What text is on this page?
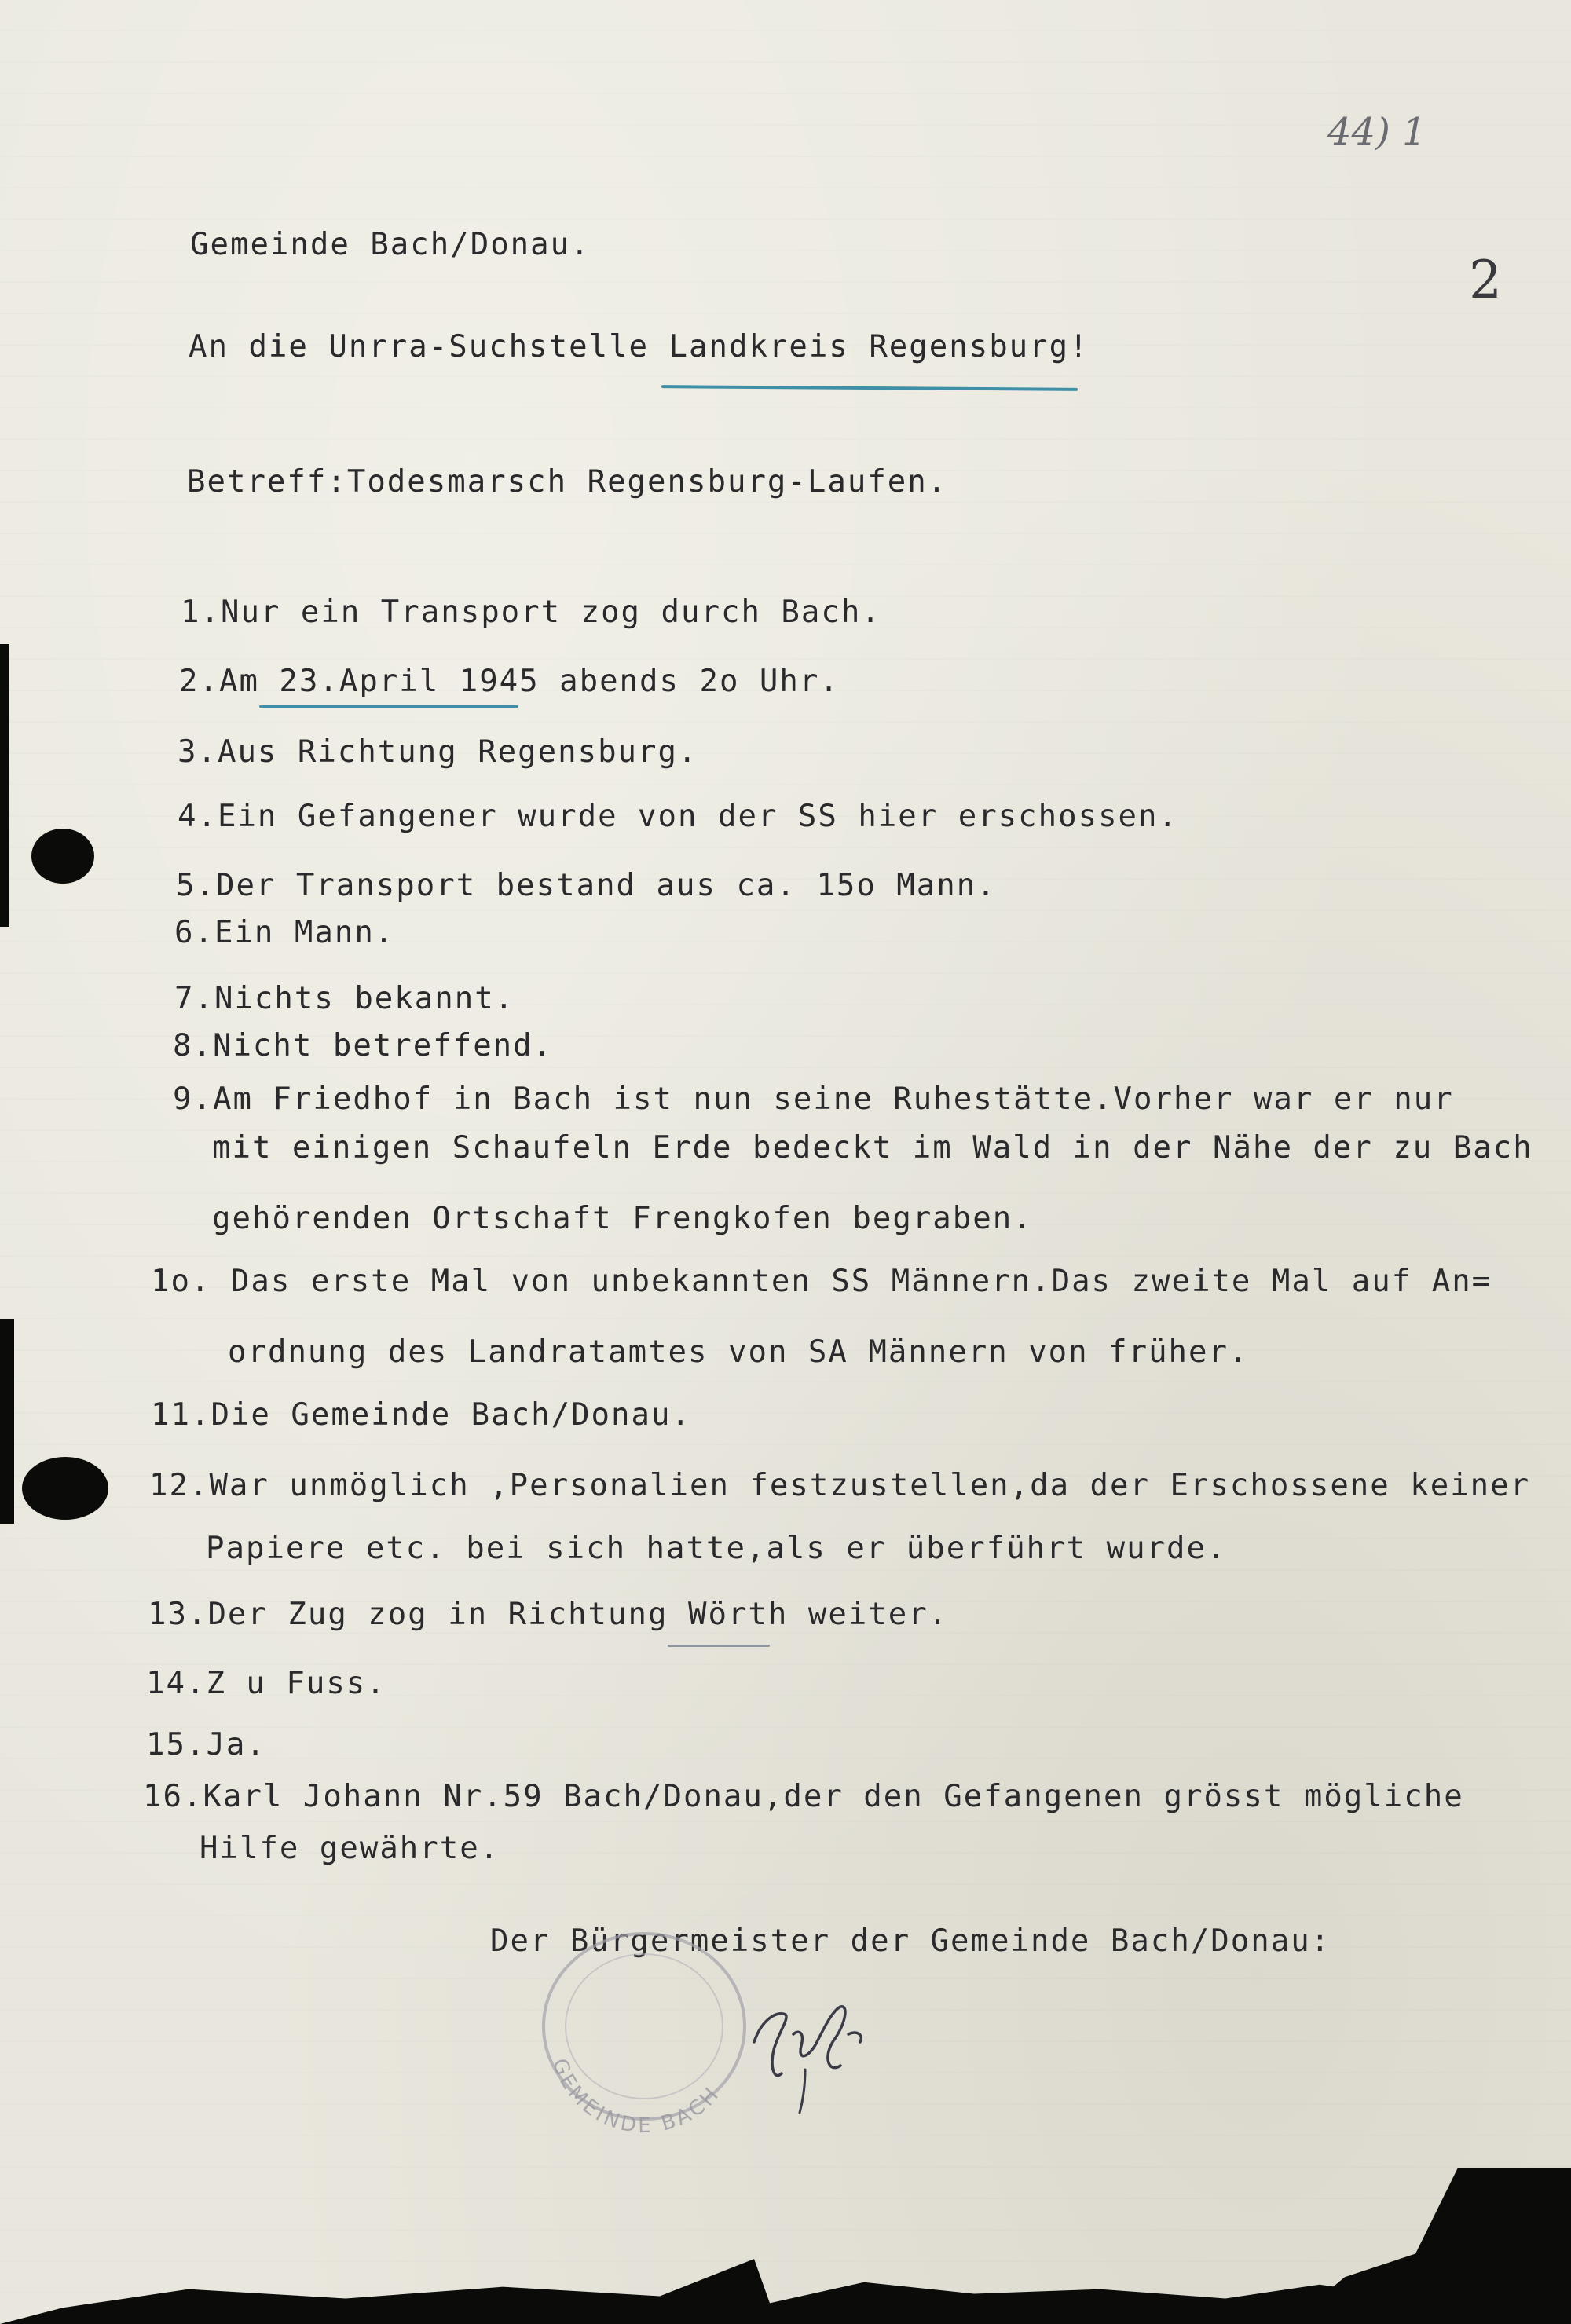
44) 1
2
Gemeinde Bach/Donau.
An die Unrra-Suchstelle Landkreis Regensburg!
Betreff:Todesmarsch Regensburg-Laufen.
1.Nur ein Transport zog durch Bach.
2.Am 23.April 1945 abends 2o Uhr.
3.Aus Richtung Regensburg.
4.Ein Gefangener wurde von der SS hier erschossen.
5.Der Transport bestand aus ca. 15o Mann.
6.Ein Mann.
7.Nichts bekannt.
8.Nicht betreffend.
9.Am Friedhof in Bach ist nun seine Ruhestätte.Vorher war er nur
mit einigen Schaufeln Erde bedeckt im Wald in der Nähe der zu Bach
gehörenden Ortschaft Frengkofen begraben.
1o. Das erste Mal von unbekannten SS Männern.Das zweite Mal auf An=
ordnung des Landratamtes von SA Männern von früher.
11.Die Gemeinde Bach/Donau.
12.War unmöglich ,Personalien festzustellen,da der Erschossene keiner
Papiere etc. bei sich hatte,als er überführt wurde.
13.Der Zug zog in Richtung Wörth weiter.
14.Z u Fuss.
15.Ja.
16.Karl Johann Nr.59 Bach/Donau,der den Gefangenen grösst mögliche
Hilfe gewährte.
Der Bürgermeister der Gemeinde Bach/Donau:
GEMEINDE BACH
